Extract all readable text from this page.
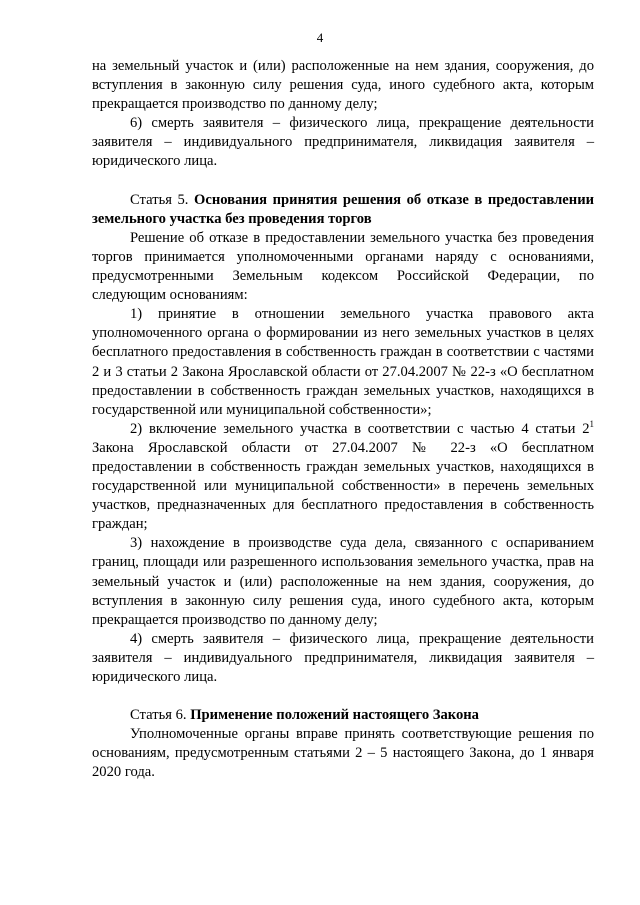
4

на земельный участок и (или) расположенные на нем здания, сооружения, до вступления в законную силу решения суда, иного судебного акта, которым прекращается производство по данному делу;

6) смерть заявителя – физического лица, прекращение деятельности заявителя – индивидуального предпринимателя, ликвидация заявителя – юридического лица.

Статья 5. Основания принятия решения об отказе в предоставлении земельного участка без проведения торгов

Решение об отказе в предоставлении земельного участка без проведения торгов принимается уполномоченными органами наряду с основаниями, предусмотренными Земельным кодексом Российской Федерации, по следующим основаниям:

1) принятие в отношении земельного участка правового акта уполномоченного органа о формировании из него земельных участков в целях бесплатного предоставления в собственность граждан в соответствии с частями 2 и 3 статьи 2 Закона Ярославской области от 27.04.2007 № 22-з «О бесплатном предоставлении в собственность граждан земельных участков, находящихся в государственной или муниципальной собственности»;

2) включение земельного участка в соответствии с частью 4 статьи $2^1$ Закона Ярославской области от 27.04.2007 № 22-з «О бесплатном предоставлении в собственность граждан земельных участков, находящихся в государственной или муниципальной собственности» в перечень земельных участков, предназначенных для бесплатного предоставления в собственность граждан;

3) нахождение в производстве суда дела, связанного с оспариванием границ, площади или разрешенного использования земельного участка, прав на земельный участок и (или) расположенные на нем здания, сооружения, до вступления в законную силу решения суда, иного судебного акта, которым прекращается производство по данному делу;

4) смерть заявителя – физического лица, прекращение деятельности заявителя – индивидуального предпринимателя, ликвидация заявителя – юридического лица.

Статья 6. Применение положений настоящего Закона

Уполномоченные органы вправе принять соответствующие решения по основаниям, предусмотренным статьями 2 – 5 настоящего Закона, до 1 января 2020 года.
